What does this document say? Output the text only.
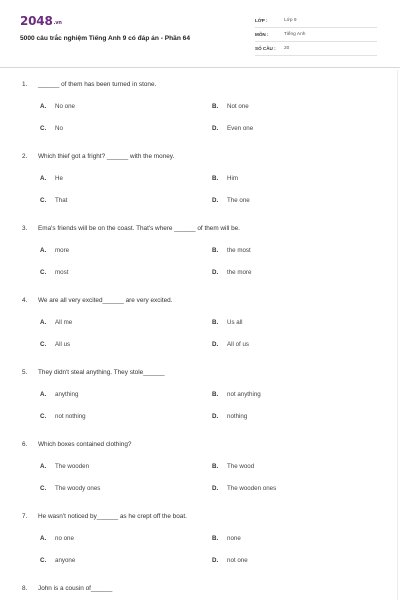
2048.vn
5000 câu trắc nghiệm Tiếng Anh 9 có đáp án - Phần 64
LỚP :	Lớp 9
MÔN :	Tiếng Anh
SỐ CÂU : 20
1. ______ of them has been turned in stone.
A. No one	B. Not one
C. No	D. Even one
2. Which thief got a fright? ______ with the money.
A. He	B. Him
C. That	D. The one
3. Ema's friends will be on the coast. That's where ______ of them will be.
A. more	B. the most
C. most	D. the more
4. We are all very excited______ are very excited.
A. All me	B. Us all
C. All us	D. All of us
5. They didn't steal anything. They stole______
A. anything	B. not anything
C. not nothing	D. nothing
6. Which boxes contained clothing?
A. The wooden	B. The wood
C. The woody ones	D. The wooden ones
7. He wasn't noticed by______ as he crept off the boat.
A. no one	B. none
C. anyone	D. not one
8. John is a cousin of______
